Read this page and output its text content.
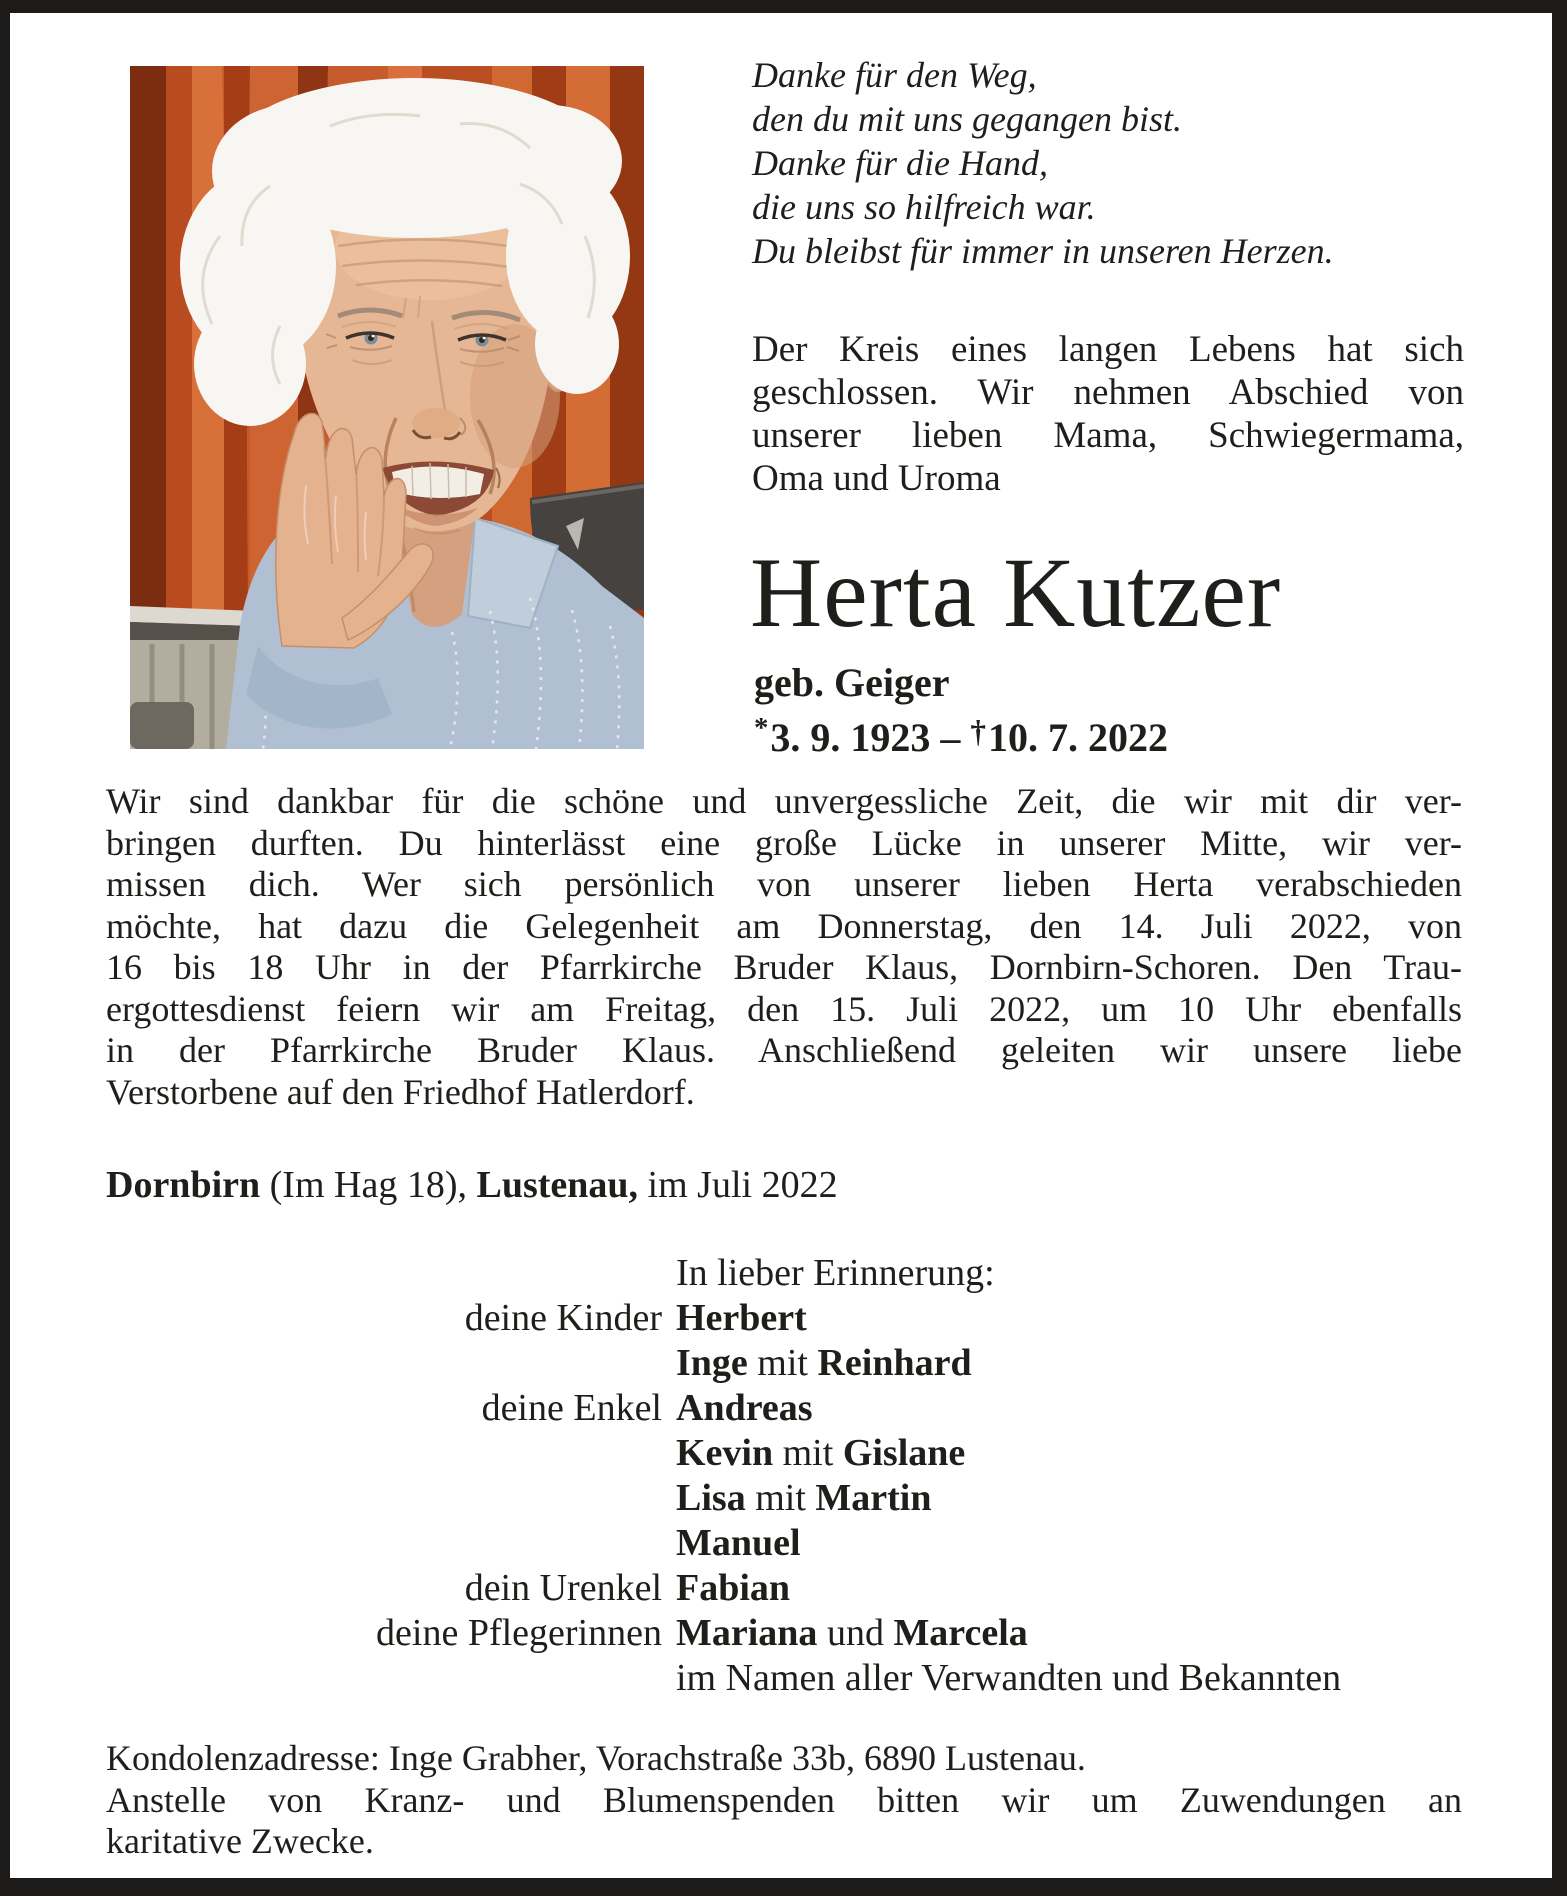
Danke für den Weg,
den du mit uns gegangen bist.
Danke für die Hand,
die uns so hilfreich war.
Du bleibst für immer in unseren Herzen.
Der Kreis eines langen Lebens hat sich
geschlossen. Wir nehmen Abschied von
unserer lieben Mama, Schwiegermama,
Oma und Uroma
Herta Kutzer
geb. Geiger
*3. 9. 1923 – †10. 7. 2022
Wir sind dankbar für die schöne und unvergessliche Zeit, die wir mit dir ver-
bringen durften. Du hinterlässt eine große Lücke in unserer Mitte, wir ver-
missen dich. Wer sich persönlich von unserer lieben Herta verabschieden
möchte, hat dazu die Gelegenheit am Donnerstag, den 14. Juli 2022, von
16 bis 18 Uhr in der Pfarrkirche Bruder Klaus, Dornbirn-Schoren. Den Trau-
ergottesdienst feiern wir am Freitag, den 15. Juli 2022, um 10 Uhr ebenfalls
in der Pfarrkirche Bruder Klaus. Anschließend geleiten wir unsere liebe
Verstorbene auf den Friedhof Hatlerdorf.
Dornbirn (Im Hag 18), Lustenau, im Juli 2022
In lieber Erinnerung:
deine Kinder Herbert
Inge mit Reinhard
deine Enkel Andreas
Kevin mit Gislane
Lisa mit Martin
Manuel
dein Urenkel Fabian
deine Pflegerinnen Mariana und Marcela
im Namen aller Verwandten und Bekannten
Kondolenzadresse: Inge Grabher, Vorachstraße 33b, 6890 Lustenau.
Anstelle von Kranz- und Blumenspenden bitten wir um Zuwendungen an
karitative Zwecke.
